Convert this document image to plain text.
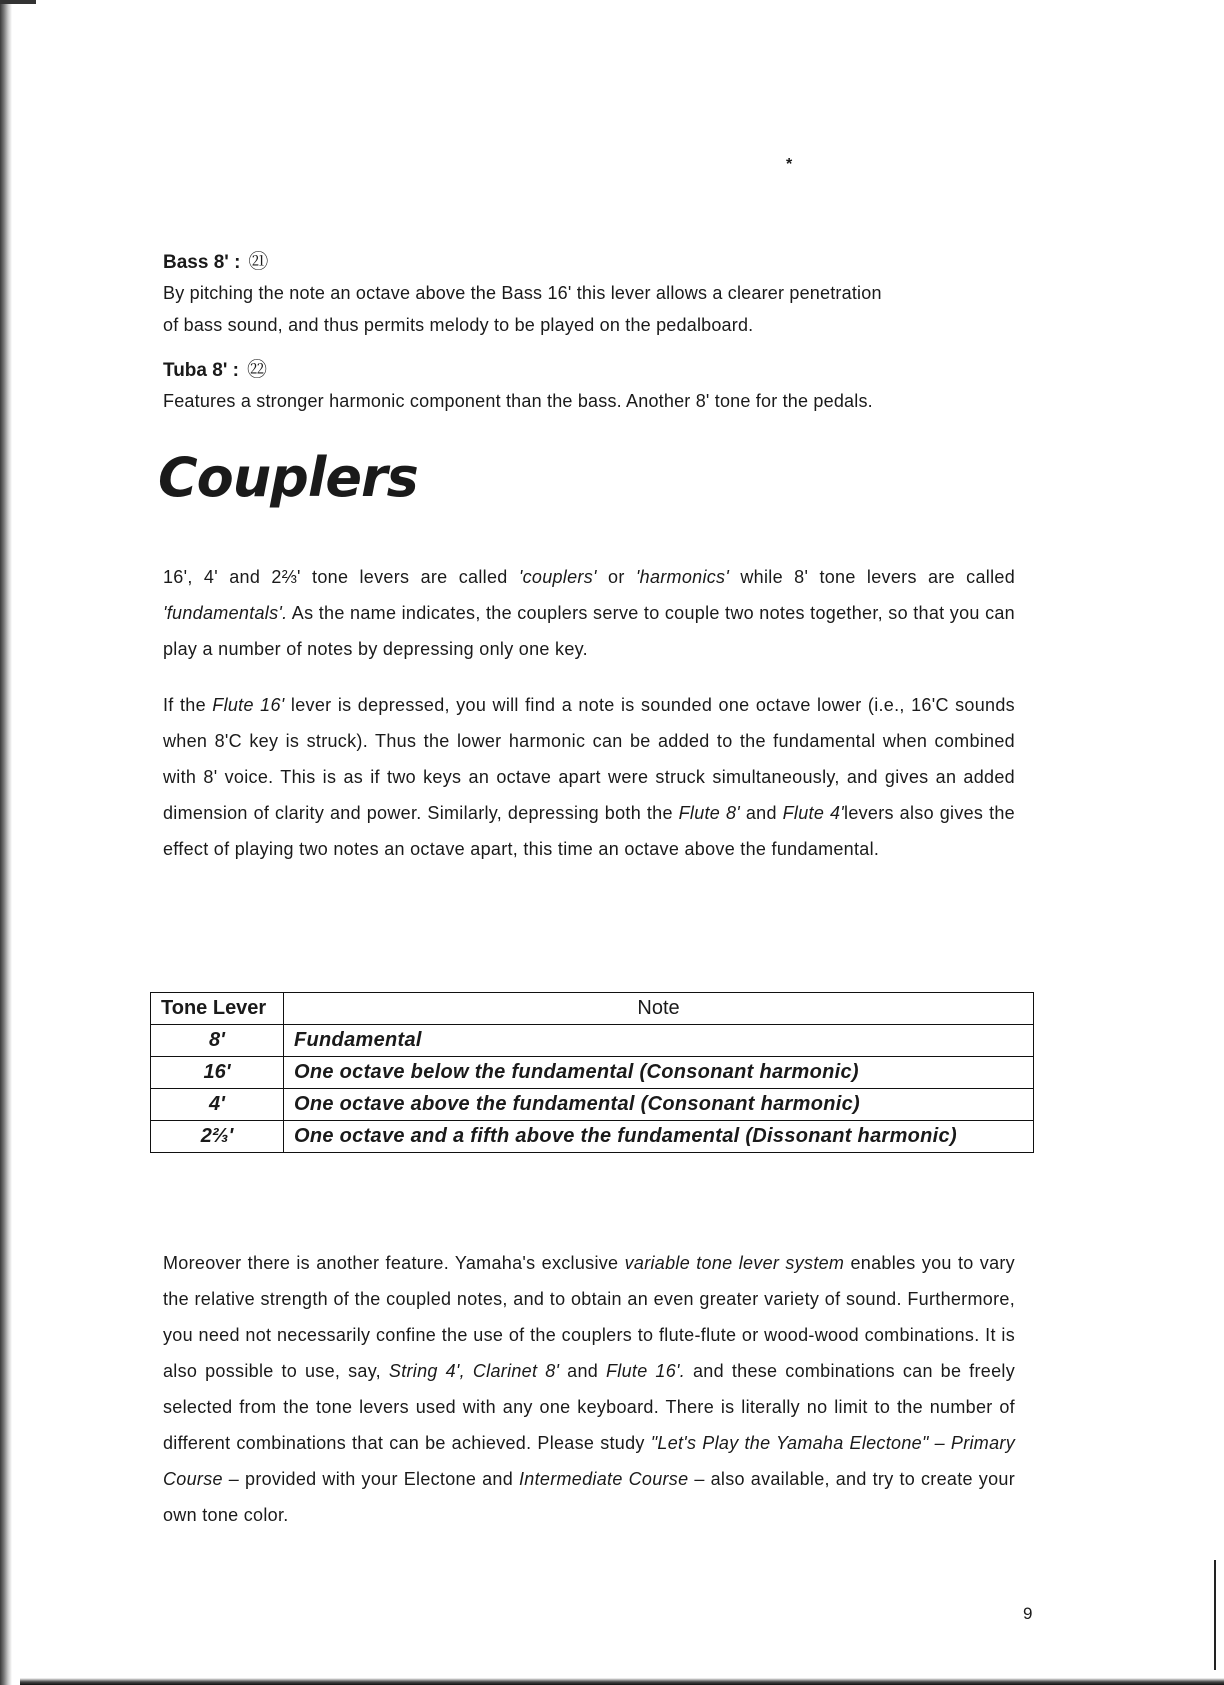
*

Bass 8' : ㉑

By pitching the note an octave above the Bass 16' this lever allows a clearer penetration

of bass sound, and thus permits melody to be played on the pedalboard.

Tuba 8' : ㉒

Features a stronger harmonic component than the bass. Another 8' tone for the pedals.

Couplers

16', 4' and 2⅔' tone levers are called 'couplers' or 'harmonics' while 8' tone levers are called 'fundamentals'. As the name indicates, the couplers serve to couple two notes together, so that you can play a number of notes by depressing only one key.

If the Flute 16' lever is depressed, you will find a note is sounded one octave lower (i.e., 16'C sounds when 8'C key is struck). Thus the lower harmonic can be added to the fundamental when combined with 8' voice. This is as if two keys an octave apart were struck simultaneously, and gives an added dimension of clarity and power. Similarly, depressing both the Flute 8' and Flute 4'levers also gives the effect of playing two notes an octave apart, this time an octave above the fundamental.

Tone Lever	Note
8'	Fundamental
16'	One octave below the fundamental (Consonant harmonic)
4'	One octave above the fundamental (Consonant harmonic)
2⅔'	One octave and a fifth above the fundamental (Dissonant harmonic)

Moreover there is another feature. Yamaha's exclusive variable tone lever system enables you to vary the relative strength of the coupled notes, and to obtain an even greater variety of sound. Furthermore, you need not necessarily confine the use of the couplers to flute-flute or wood-wood combinations. It is also possible to use, say, String 4', Clarinet 8' and Flute 16'. and these combinations can be freely selected from the tone levers used with any one keyboard. There is literally no limit to the number of different combinations that can be achieved. Please study "Let's Play the Yamaha Electone" – Primary Course – provided with your Electone and Intermediate Course – also available, and try to create your own tone color.

9
